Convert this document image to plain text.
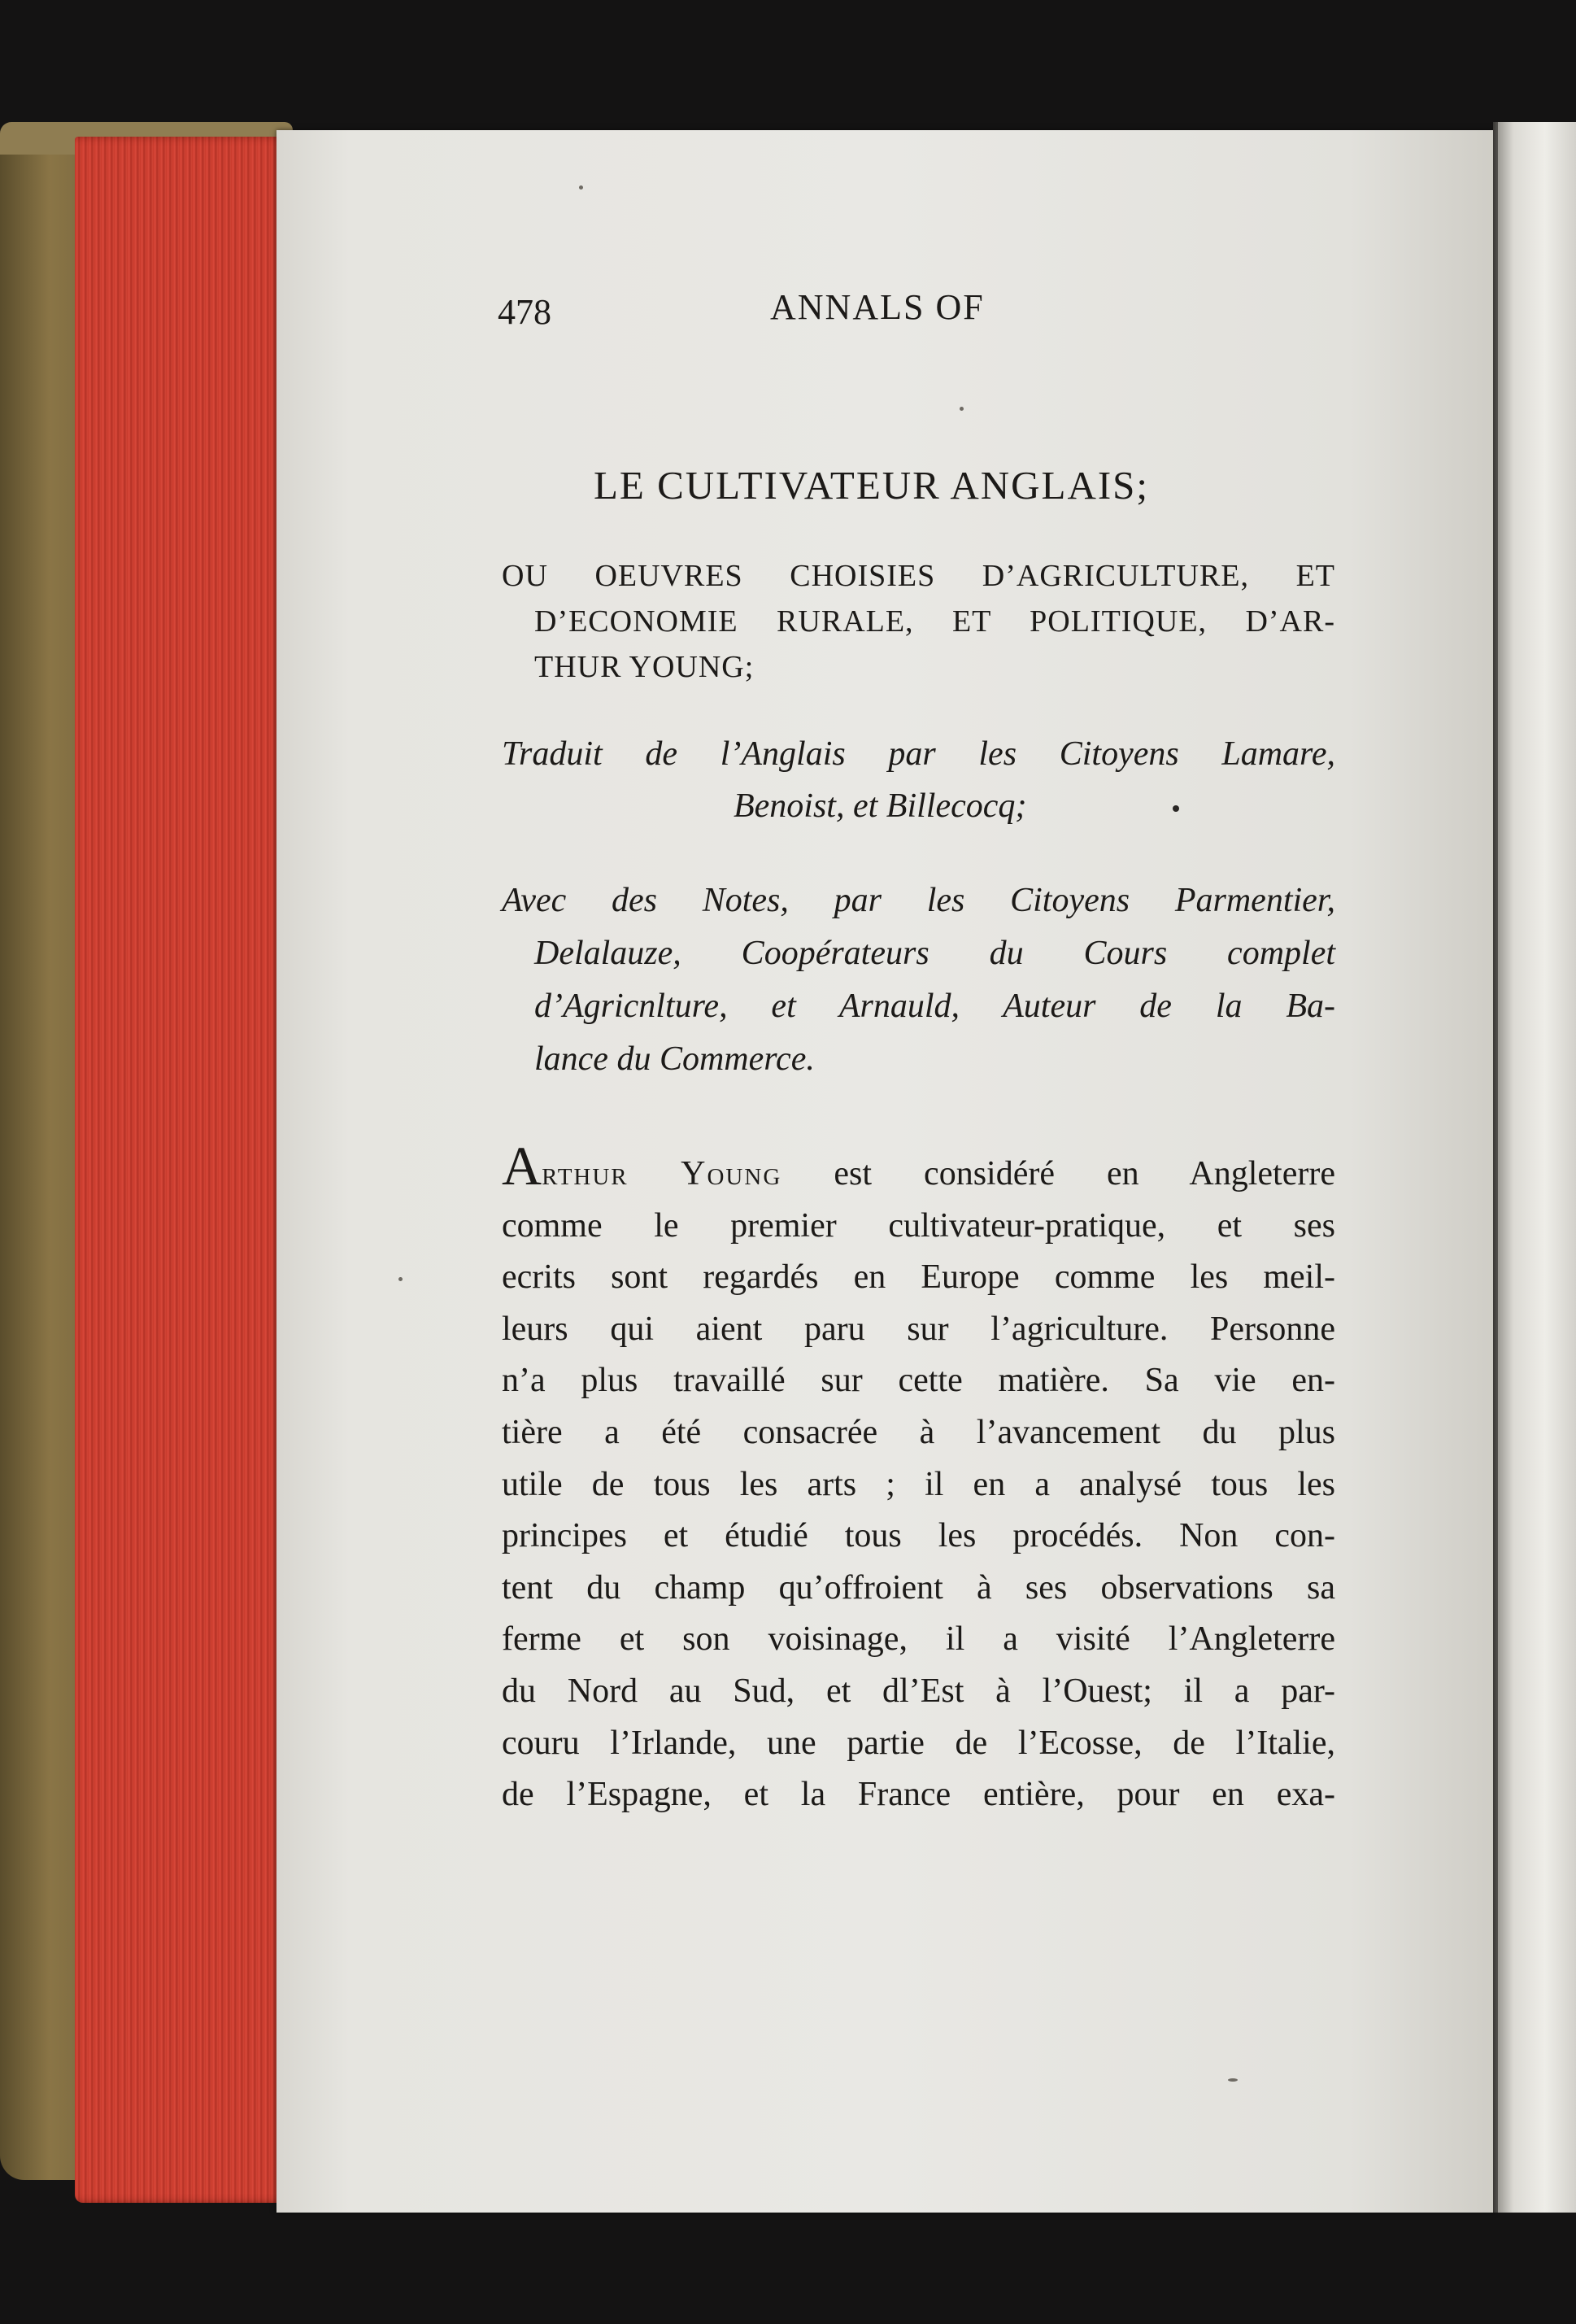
478	ANNALS OF
LE CULTIVATEUR ANGLAIS;
OU OEUVRES CHOISIES D’AGRICULTURE, ET
D’ECONOMIE RURALE, ET POLITIQUE, D’AR-
THUR YOUNG;
Traduit de l’Anglais par les Citoyens Lamare,
Benoist, et Billecocq;
Avec des Notes, par les Citoyens Parmentier,
Delalauze, Coopérateurs du Cours complet
d’Agricnlture, et Arnauld, Auteur de la Ba-
lance du Commerce.
Arthur Young est considéré en Angleterre
comme le premier cultivateur-pratique, et ses
ecrits sont regardés en Europe comme les meil-
leurs qui aient paru sur l’agriculture. Personne
n’a plus travaillé sur cette matière. Sa vie en-
tière a été consacrée à l’avancement du plus
utile de tous les arts ; il en a analysé tous les
principes et étudié tous les procédés. Non con-
tent du champ qu’offroient à ses observations sa
ferme et son voisinage, il a visité l’Angleterre
du Nord au Sud, et dl’Est à l’Ouest; il a par-
couru l’Irlande, une partie de l’Ecosse, de l’Italie,
de l’Espagne, et la France entière, pour en exa-
